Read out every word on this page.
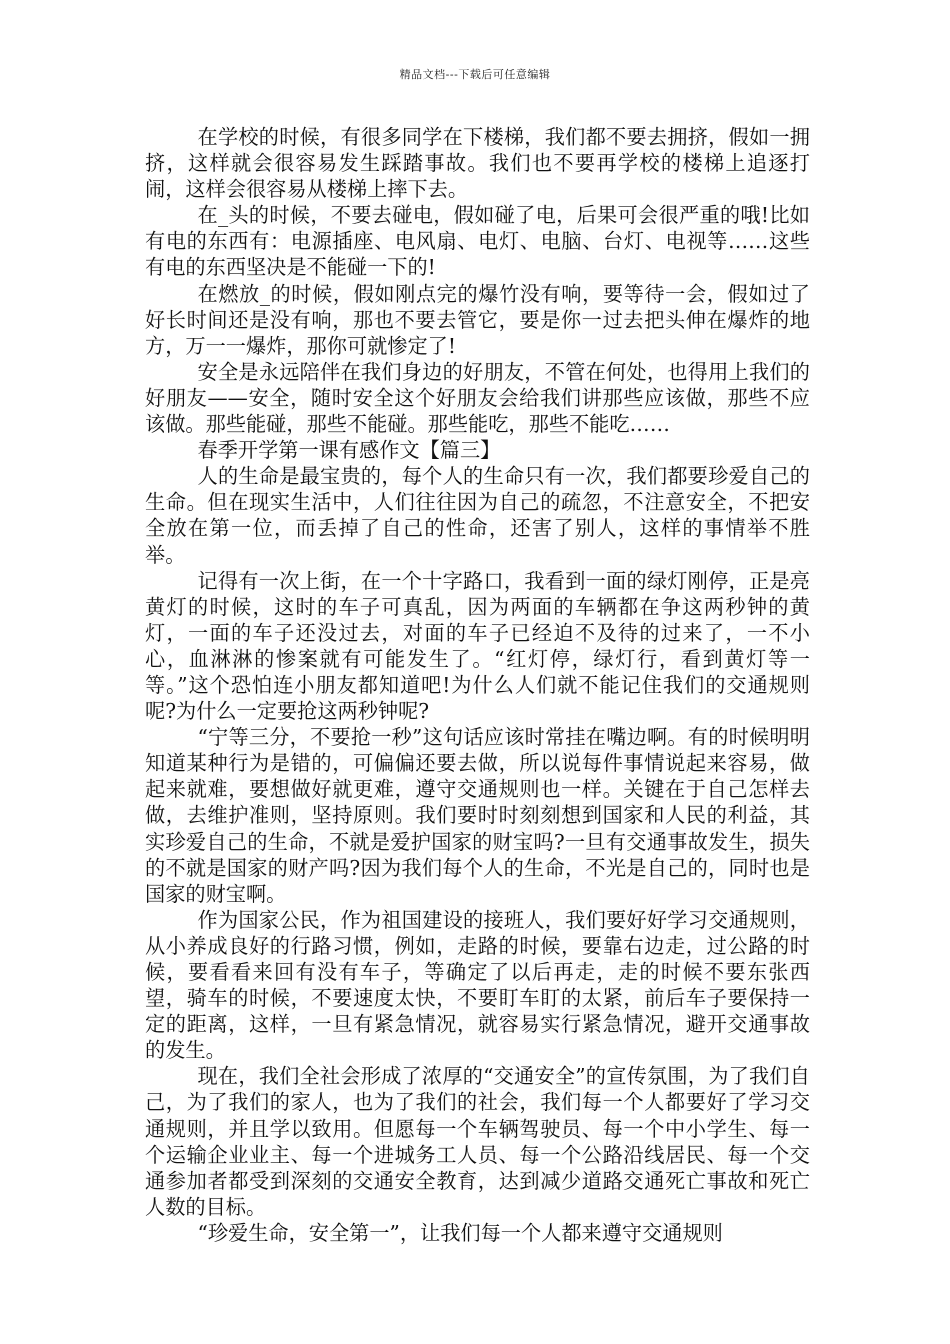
精品文档---下载后可任意编辑

在学校的时候，有很多同学在下楼梯，我们都不要去拥挤，假如一拥挤，这样就会很容易发生踩踏事故。我们也不要再学校的楼梯上追逐打闹，这样会很容易从楼梯上摔下去。

在_头的时候，不要去碰电，假如碰了电，后果可会很严重的哦!比如有电的东西有：电源插座、电风扇、电灯、电脑、台灯、电视等……这些有电的东西坚决是不能碰一下的!

在燃放_的时候，假如刚点完的爆竹没有响，要等待一会，假如过了好长时间还是没有响，那也不要去管它，要是你一过去把头伸在爆炸的地方，万一一爆炸，那你可就惨定了!

安全是永远陪伴在我们身边的好朋友，不管在何处，也得用上我们的好朋友——安全，随时安全这个好朋友会给我们讲那些应该做，那些不应该做。那些能碰，那些不能碰。那些能吃，那些不能吃……

春季开学第一课有感作文【篇三】

人的生命是最宝贵的，每个人的生命只有一次，我们都要珍爱自己的生命。但在现实生活中，人们往往因为自己的疏忽，不注意安全，不把安全放在第一位，而丢掉了自己的性命，还害了别人，这样的事情举不胜举。

记得有一次上街，在一个十字路口，我看到一面的绿灯刚停，正是亮黄灯的时候，这时的车子可真乱，因为两面的车辆都在争这两秒钟的黄灯，一面的车子还没过去，对面的车子已经迫不及待的过来了，一不小心，血淋淋的惨案就有可能发生了。“红灯停，绿灯行，看到黄灯等一等。”这个恐怕连小朋友都知道吧!为什么人们就不能记住我们的交通规则呢?为什么一定要抢这两秒钟呢?

“宁等三分，不要抢一秒”这句话应该时常挂在嘴边啊。有的时候明明知道某种行为是错的，可偏偏还要去做，所以说每件事情说起来容易，做起来就难，要想做好就更难，遵守交通规则也一样。关键在于自己怎样去做，去维护准则，坚持原则。我们要时时刻刻想到国家和人民的利益，其实珍爱自己的生命，不就是爱护国家的财宝吗?一旦有交通事故发生，损失的不就是国家的财产吗?因为我们每个人的生命，不光是自己的，同时也是国家的财宝啊。

作为国家公民，作为祖国建设的接班人，我们要好好学习交通规则，从小养成良好的行路习惯，例如，走路的时候，要靠右边走，过公路的时候，要看看来回有没有车子，等确定了以后再走，走的时候不要东张西望，骑车的时候，不要速度太快，不要盯车盯的太紧，前后车子要保持一定的距离，这样，一旦有紧急情况，就容易实行紧急情况，避开交通事故的发生。

现在，我们全社会形成了浓厚的“交通安全”的宣传氛围，为了我们自己，为了我们的家人，也为了我们的社会，我们每一个人都要好了学习交通规则，并且学以致用。但愿每一个车辆驾驶员、每一个中小学生、每一个运输企业业主、每一个进城务工人员、每一个公路沿线居民、每一个交通参加者都受到深刻的交通安全教育，达到减少道路交通死亡事故和死亡人数的目标。

“珍爱生命，安全第一”，让我们每一个人都来遵守交通规则
